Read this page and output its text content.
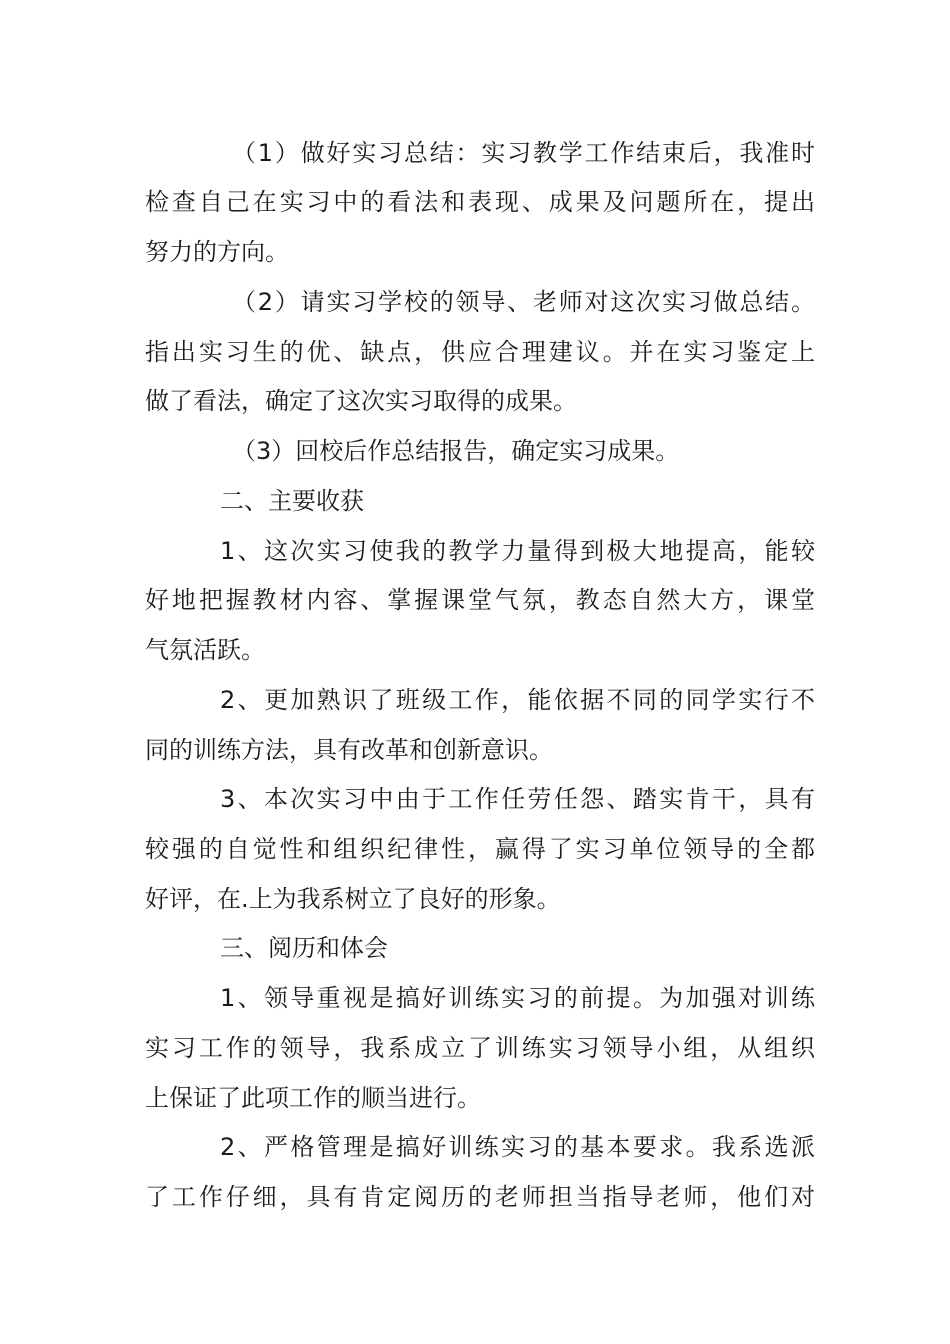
（1）做好实习总结：实习教学工作结束后，我准时

检查自己在实习中的看法和表现、成果及问题所在，提出

努力的方向。

（2）请实习学校的领导、老师对这次实习做总结。

指出实习生的优、缺点，供应合理建议。并在实习鉴定上

做了看法，确定了这次实习取得的成果。

（3）回校后作总结报告，确定实习成果。

二、主要收获

1、这次实习使我的教学力量得到极大地提高，能较

好地把握教材内容、掌握课堂气氛，教态自然大方，课堂

气氛活跃。

2、更加熟识了班级工作，能依据不同的同学实行不

同的训练方法，具有改革和创新意识。

3、本次实习中由于工作任劳任怨、踏实肯干，具有

较强的自觉性和组织纪律性，赢得了实习单位领导的全都

好评，在.上为我系树立了良好的形象。

三、阅历和体会

1、领导重视是搞好训练实习的前提。为加强对训练

实习工作的领导，我系成立了训练实习领导小组，从组织

上保证了此项工作的顺当进行。

2、严格管理是搞好训练实习的基本要求。我系选派

了工作仔细，具有肯定阅历的老师担当指导老师，他们对
